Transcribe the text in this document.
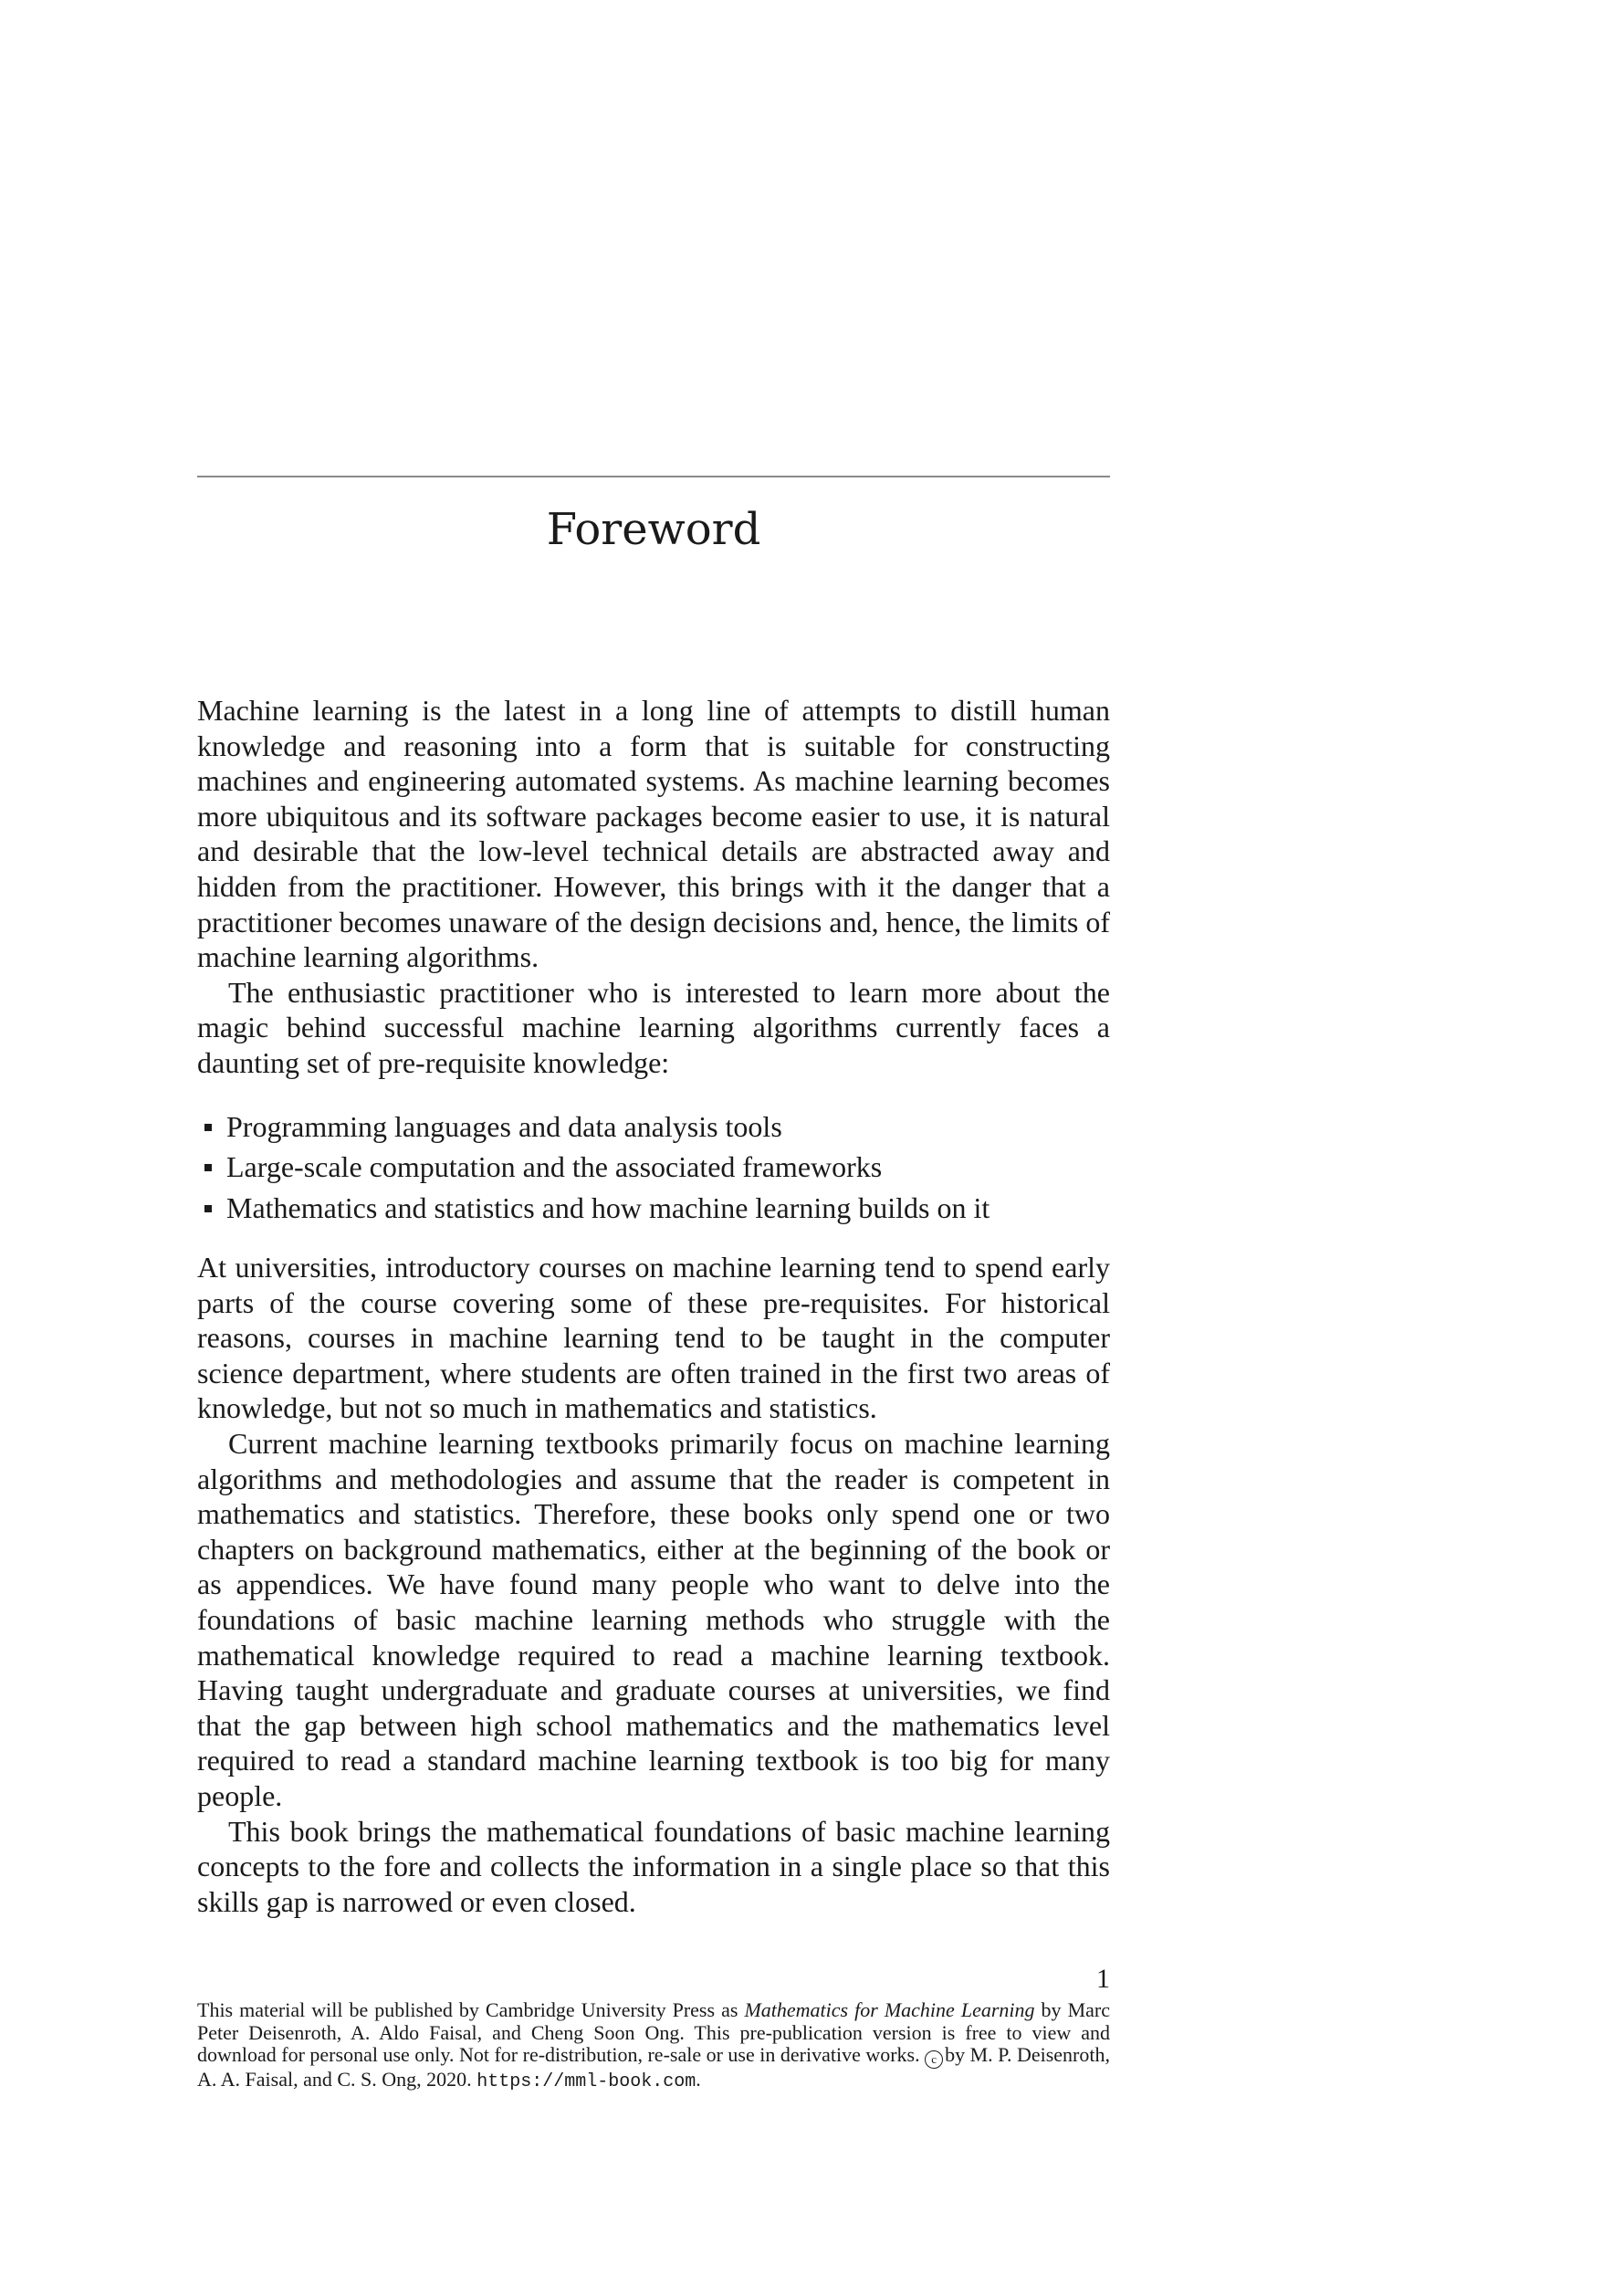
Foreword

Machine learning is the latest in a long line of attempts to distill human knowledge and reasoning into a form that is suitable for constructing machines and engineering automated systems. As machine learning becomes more ubiquitous and its software packages become easier to use, it is natural and desirable that the low-level technical details are abstracted away and hidden from the practitioner. However, this brings with it the danger that a practitioner becomes unaware of the design decisions and, hence, the limits of machine learning algorithms.

The enthusiastic practitioner who is interested to learn more about the magic behind successful machine learning algorithms currently faces a daunting set of pre-requisite knowledge:

Programming languages and data analysis tools
Large-scale computation and the associated frameworks
Mathematics and statistics and how machine learning builds on it

At universities, introductory courses on machine learning tend to spend early parts of the course covering some of these pre-requisites. For historical reasons, courses in machine learning tend to be taught in the computer science department, where students are often trained in the first two areas of knowledge, but not so much in mathematics and statistics.

Current machine learning textbooks primarily focus on machine learning algorithms and methodologies and assume that the reader is competent in mathematics and statistics. Therefore, these books only spend one or two chapters on background mathematics, either at the beginning of the book or as appendices. We have found many people who want to delve into the foundations of basic machine learning methods who struggle with the mathematical knowledge required to read a machine learning textbook. Having taught undergraduate and graduate courses at universities, we find that the gap between high school mathematics and the mathematics level required to read a standard machine learning textbook is too big for many people.

This book brings the mathematical foundations of basic machine learning concepts to the fore and collects the information in a single place so that this skills gap is narrowed or even closed.

1
This material will be published by Cambridge University Press as Mathematics for Machine Learning by Marc Peter Deisenroth, A. Aldo Faisal, and Cheng Soon Ong. This pre-publication version is free to view and download for personal use only. Not for re-distribution, re-sale or use in derivative works. c by M. P. Deisenroth, A. A. Faisal, and C. S. Ong, 2020. https://mml-book.com.
